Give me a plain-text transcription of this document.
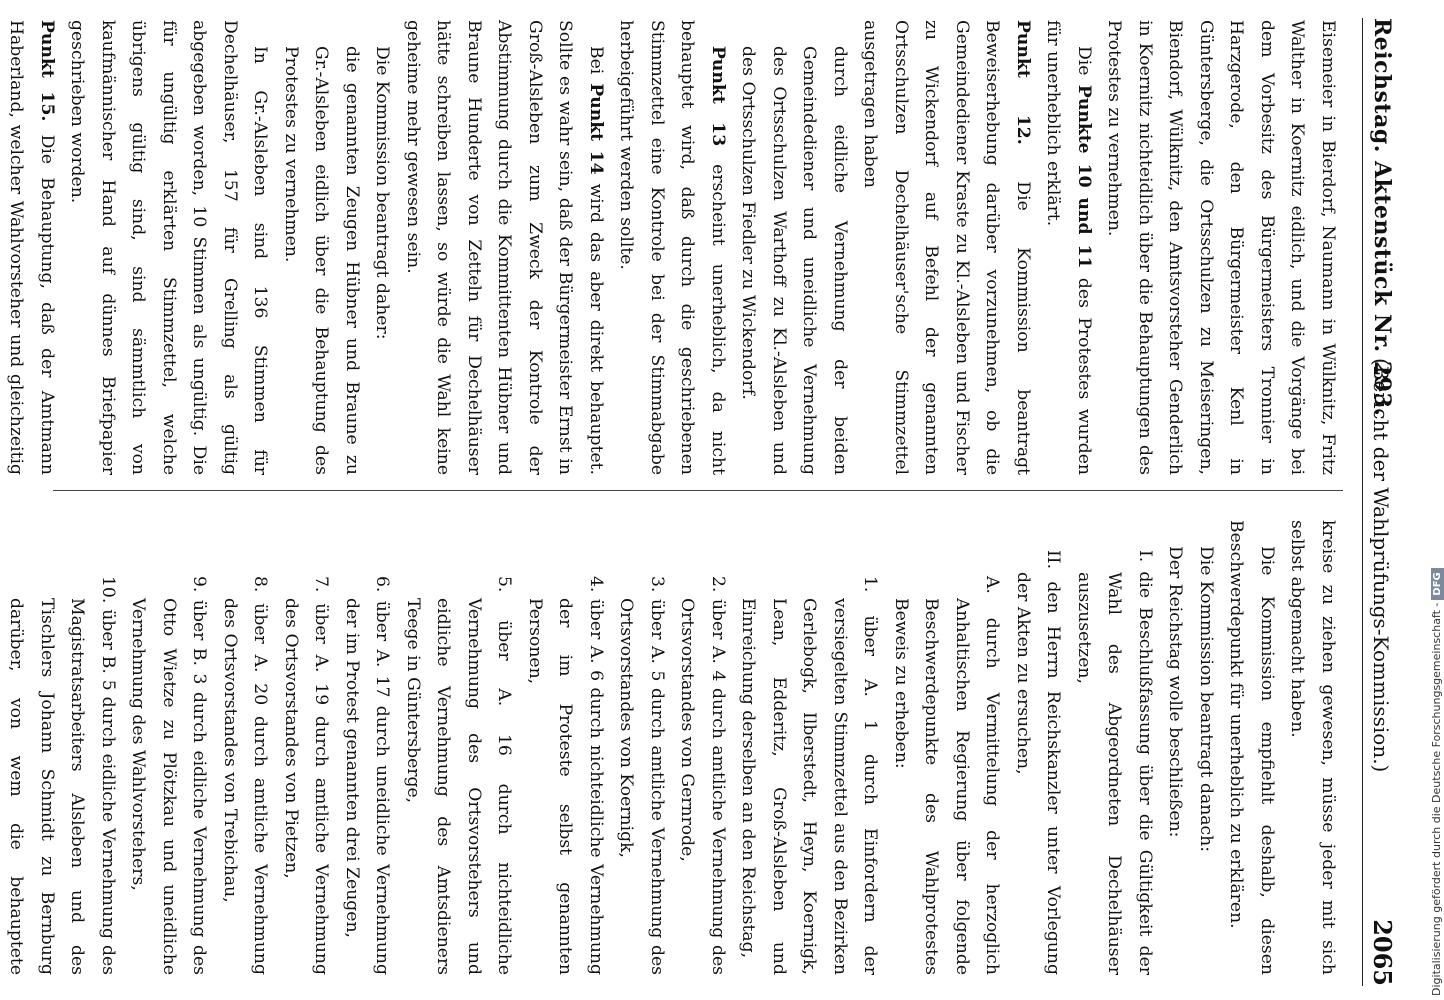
Reichstag. Aktenstück Nr. 293.
(Bericht der Wahlprüfungs-Kommission.)
2065

Eisemeier in Bierdorf, Naumann in Wülknitz, Fritz Walther in Koernitz eidlich, und die Vorgänge bei dem Vorbesitz des Bürgermeisters Tronnier in Harzgerode, den Bürgermeister Kenl in Güntersberge, die Ortsschulzen zu Meiseringen, Biendorf, Wülknitz, den Amtsvorsteher Genderlich in Koernitz nichteidlich über die Behauptungen des Protestes zu vernehmen.

Die Punkte 10 und 11 des Protestes wurden für unerheblich erklärt.

Punkt 12. Die Kommission beantragt Beweiserhebung darüber vorzunehmen, ob die Gemeindediener Kraste zu Kl.-Alsleben und Fischer zu Wickendorf auf Befehl der genannten Ortsschulzen Dechelhäuser'sche Stimmzettel ausgetragen haben

durch eidliche Vernehmung der beiden Gemeindediener und uneidliche Vernehmung des Ortsschulzen Warthoff zu Kl.-Alsleben und des Ortsschulzen Fiedler zu Wickendorf.

Punkt 13 erscheint unerheblich, da nicht behauptet wird, daß durch die geschriebenen Stimmzettel eine Kontrole bei der Stimmabgabe herbeigeführt werden sollte.

Bei Punkt 14 wird das aber direkt behauptet. Sollte es wahr sein, daß der Bürgermeister Ernst in Groß-Alsleben zum Zweck der Kontrole der Abstimmung durch die Kommittenten Hübner und Braune Hunderte von Zetteln für Dechelhäuser hätte schreiben lassen, so würde die Wahl keine geheime mehr gewesen sein.

Die Kommission beantragt daher:

die genannten Zeugen Hübner und Braune zu Gr.-Alsleben eidlich über die Behauptung des Protestes zu vernehmen.

In Gr.-Alsleben sind 136 Stimmen für Dechelhäuser, 157 für Grelling als gültig abgegeben worden, 10 Stimmen als ungültig. Die für ungültig erklärten Stimmzettel, welche übrigens gültig sind, sind sämmtlich von kaufmännischer Hand auf dünnes Briefpapier geschrieben worden.

Punkt 15. Die Behauptung, daß der Amtmann Haberland, welcher Wahlvorsteher und gleichzeitig

kreise zu ziehen gewesen, müsse jeder mit sich selbst abgemacht haben.

Die Kommission empfiehlt deshalb, diesen Beschwerdepunkt für unerheblich zu erklären.

Die Kommission beantragt danach:

Der Reichstag wolle beschließen:

I. die Beschlußfassung über die Gültigkeit der Wahl des Abgeordneten Dechelhäuser auszusetzen,

II. den Herrn Reichskanzler unter Vorlegung der Akten zu ersuchen,

A. durch Vermittelung der herzoglich Anhaltischen Regierung über folgende Beschwerdepunkte des Wahlprotestes Beweis zu erheben:

1. über A. 1 durch Einfordern der versiegelten Stimmzettel aus den Bezirken Gerlebogk, Ilberstedt, Heyn, Koernigk, Lean, Edderitz, Groß-Alsleben und Einreichung derselben an den Reichstag,

2. über A. 4 durch amtliche Vernehmung des Ortsvorstandes von Gernrode,

3. über A. 5 durch amtliche Vernehmung des Ortsvorstandes von Koernigk,

4. über A. 6 durch nichteidliche Vernehmung der im Proteste selbst genannten Personen,

5. über A. 16 durch nichteidliche Vernehmung des Ortsvorstehers und eidliche Vernehmung des Amtsdieners Teege in Güntersberge,

6. über A. 17 durch uneidliche Vernehmung der im Protest genannten drei Zeugen,

7. über A. 19 durch amtliche Vernehmung des Ortsvorstandes von Pietzen,

8. über A. 20 durch amtliche Vernehmung des Ortsvorstandes von Trebichau,

9. über B. 3 durch eidliche Vernehmung des Otto Wietze zu Plötzkau und uneidliche Vernehmung des Wahlvorstehers,

10. über B. 5 durch eidliche Vernehmung des Magistratsarbeiters Alsleben und des Tischlers Johann Schmidt zu Bernburg darüber, von wem die behauptete	Digitalisierung gefördert durch die Deutsche Forschungsgemeinschaft -DFG
